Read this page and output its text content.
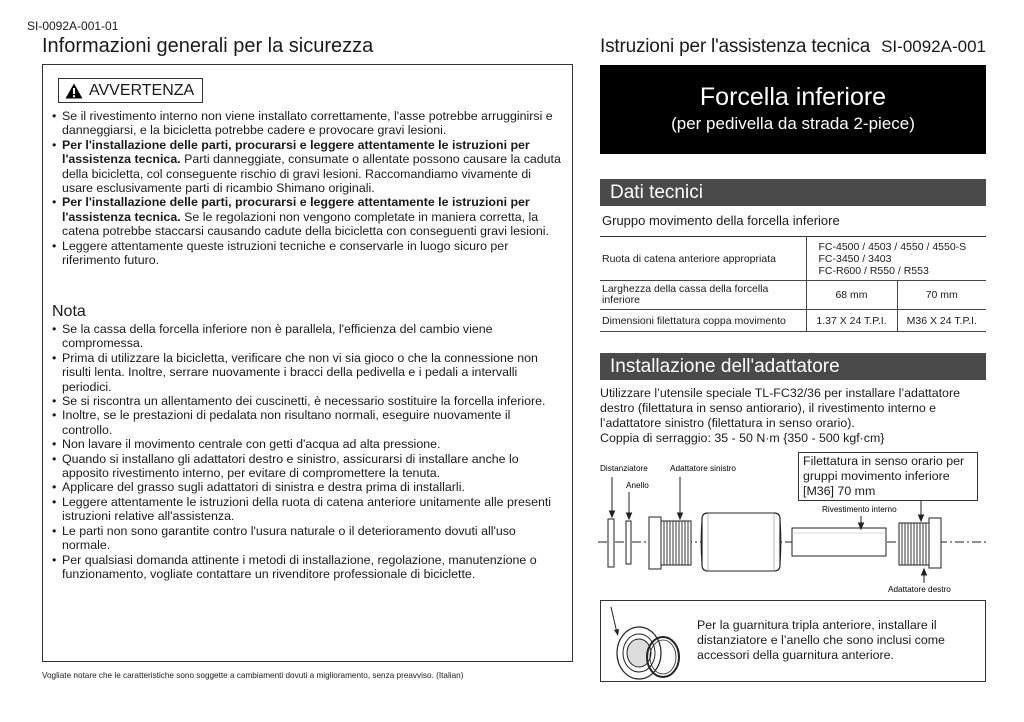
SI-0092A-001-01
Informazioni generali per la sicurezza
AVVERTENZA
• Se il rivestimento interno non viene installato correttamente, l'asse potrebbe arrugginirsi e danneggiarsi, e la bicicletta potrebbe cadere e provocare gravi lesioni.
• Per l'installazione delle parti, procurarsi e leggere attentamente le istruzioni per l'assistenza tecnica. Parti danneggiate, consumate o allentate possono causare la caduta della bicicletta, col conseguente rischio di gravi lesioni. Raccomandiamo vivamente di usare esclusivamente parti di ricambio Shimano originali.
• Per l'installazione delle parti, procurarsi e leggere attentamente le istruzioni per l'assistenza tecnica. Se le regolazioni non vengono completate in maniera corretta, la catena potrebbe staccarsi causando cadute della bicicletta con conseguenti gravi lesioni.
• Leggere attentamente queste istruzioni tecniche e conservarle in luogo sicuro per riferimento futuro.
Nota
• Se la cassa della forcella inferiore non è parallela, l'efficienza del cambio viene compromessa.
• Prima di utilizzare la bicicletta, verificare che non vi sia gioco o che la connessione non risulti lenta. Inoltre, serrare nuovamente i bracci della pedivella e i pedali a intervalli periodici.
• Se si riscontra un allentamento dei cuscinetti, è necessario sostituire la forcella inferiore.
• Inoltre, se le prestazioni di pedalata non risultano normali, eseguire nuovamente il controllo.
• Non lavare il movimento centrale con getti d'acqua ad alta pressione.
• Quando si installano gli adattatori destro e sinistro, assicurarsi di installare anche lo apposito rivestimento interno, per evitare di compromettere la tenuta.
• Applicare del grasso sugli adattatori di sinistra e destra prima di installarli.
• Leggere attentamente le istruzioni della ruota di catena anteriore unitamente alle presenti istruzioni relative all'assistenza.
• Le parti non sono garantite contro l'usura naturale o il deterioramento dovuti all'uso normale.
• Per qualsiasi domanda attinente i metodi di installazione, regolazione, manutenzione o funzionamento, vogliate contattare un rivenditore professionale di biciclette.
Vogliate notare che le caratteristiche sono soggette a cambiamenti dovuti a miglioramento, senza preavviso. (Italian)
Istruzioni per l'assistenza tecnica SI-0092A-001
Forcella inferiore
(per pedivella da strada 2-piece)
Dati tecnici
Gruppo movimento della forcella inferiore
Ruota di catena anteriore appropriata	FC-4500 / 4503 / 4550 / 4550-S
FC-3450 / 3403
FC-R600 / R550 / R553	
Larghezza della cassa della forcella inferiore	68 mm	70 mm
Dimensioni filettatura coppa movimento	1.37 X 24 T.P.I.	M36 X 24 T.P.I.
Installazione dell'adattatore
Utilizzare l’utensile speciale TL-FC32/36 per installare l’adattatore destro (filettatura in senso antiorario), il rivestimento interno e l’adattatore sinistro (filettatura in senso orario).
Coppia di serraggio: 35 - 50 N·m {350 - 500 kgf·cm}
Distanziatore
Anello
Adattatore sinistro
Rivestimento interno
Adattatore destro
Filettatura in senso orario per gruppi movimento inferiore [M36] 70 mm
Per la guarnitura tripla anteriore, installare il distanziatore e l’anello che sono inclusi come accessori della guarnitura anteriore.
